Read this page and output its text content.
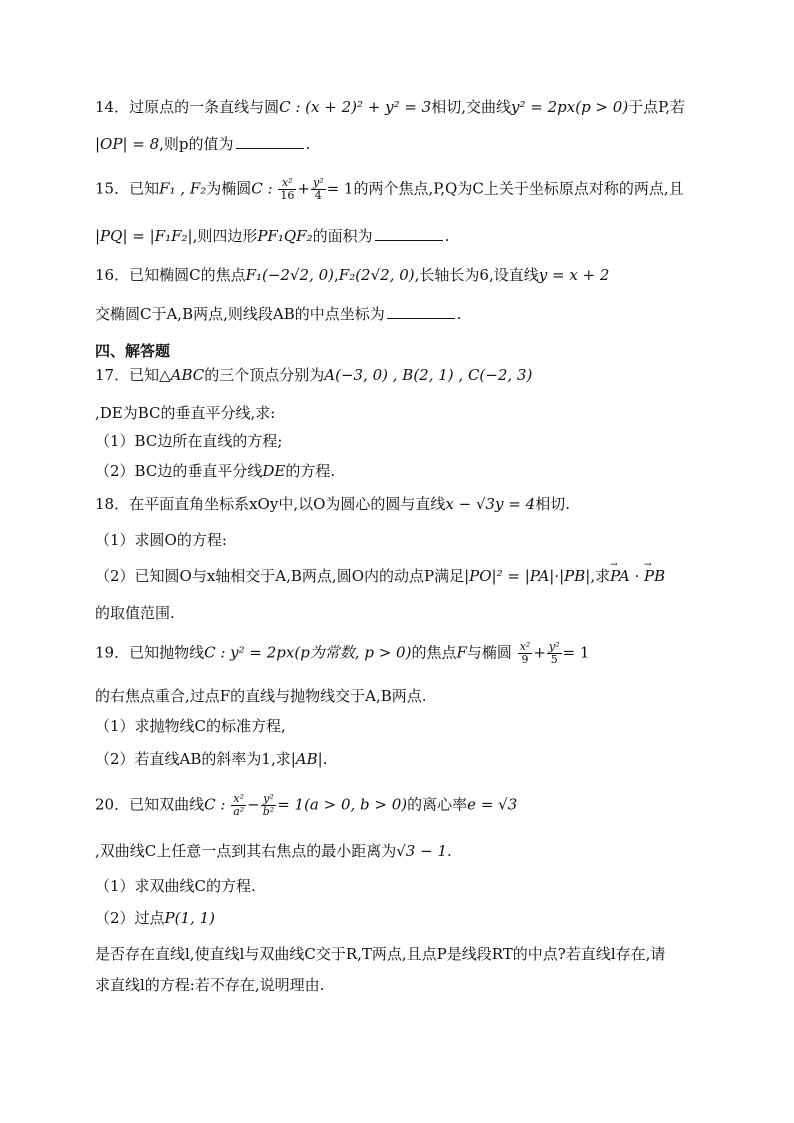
14．过原点的一条直线与圆C : (x + 2)² + y² = 3相切,交曲线y² = 2px(p > 0)于点P,若
|OP| = 8,则p的值为	.
15．已知F₁ , F₂为椭圆C : $\frac{\text{x²}}{16} + \frac{\text{y²}}{4} = 1$的两个焦点,P,Q为C上关于坐标原点对称的两点,且
|PQ| = |F₁F₂|,则四边形PF₁QF₂的面积为	.
16．已知椭圆C的焦点F₁(−2√2, 0),F₂(2√2, 0),长轴长为6,设直线y = x + 2
交椭圆C于A,B两点,则线段AB的中点坐标为	.
四、解答题
17．已知△ABC的三个顶点分别为A(−3, 0) , B(2, 1) , C(−2, 3)
,DE为BC的垂直平分线,求:
（1）BC边所在直线的方程;
（2）BC边的垂直平分线DE的方程.
18．在平面直角坐标系xOy中,以O为圆心的圆与直线x − √3y = 4相切.
（1）求圆O的方程:
（2）已知圆O与x轴相交于A,B两点,圆O内的动点P满足|PO|² = |PA|·|PB|,求→ PA · → PB
的取值范围.
19．已知抛物线C : y² = 2px(p为常数, p > 0)的焦点F与椭圆 $\frac{\text{x²}}{9} + \frac{\text{y²}}{5} = 1$
的右焦点重合,过点F的直线与抛物线交于A,B两点.
（1）求抛物线C的标准方程,
（2）若直线AB的斜率为1,求|AB|.
20．已知双曲线C : $\frac{\text{x²}}{\text{a²}} - \frac{\text{y²}}{\text{b²}} = 1(a > 0$, b > 0)的离心率e = √3
,双曲线C上任意一点到其右焦点的最小距离为√3 − 1.
（1）求双曲线C的方程.
（2）过点P(1, 1)
是否存在直线l,使直线l与双曲线C交于R,T两点,且点P是线段RT的中点?若直线l存在,请
求直线l的方程:若不存在,说明理由.
